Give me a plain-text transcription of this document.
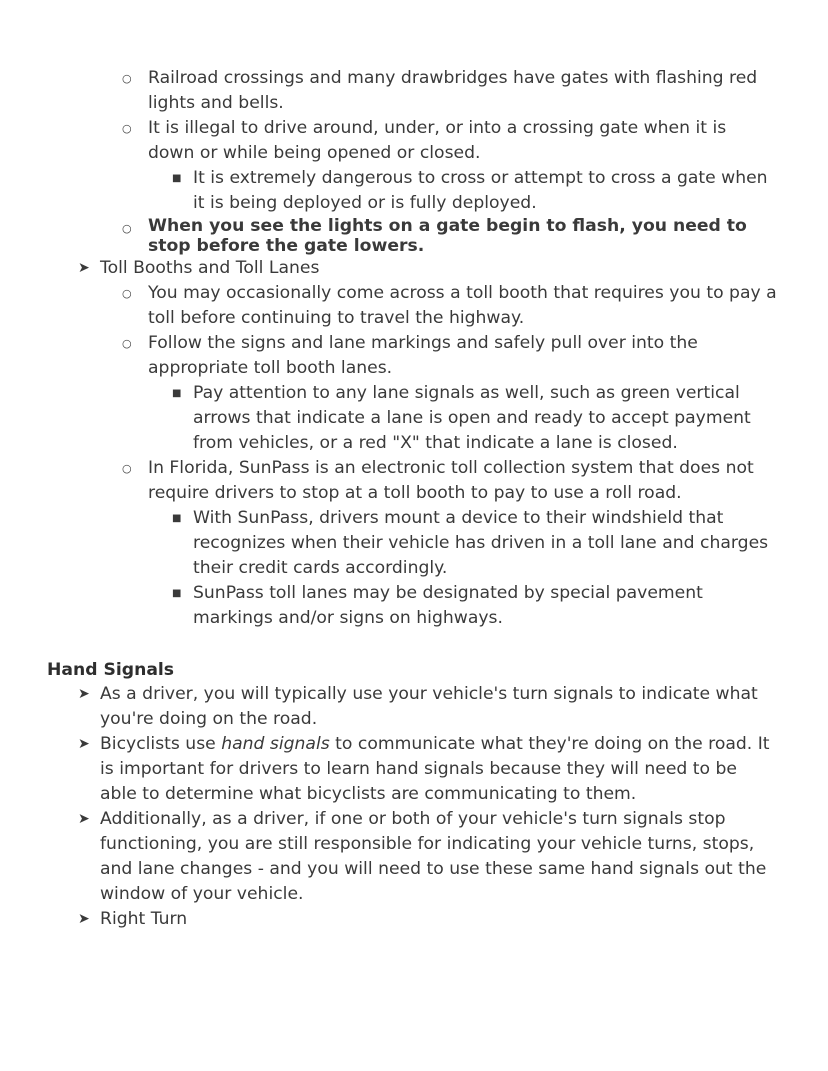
○ Railroad crossings and many drawbridges have gates with flashing red lights and bells.
○ It is illegal to drive around, under, or into a crossing gate when it is down or while being opened or closed.
■ It is extremely dangerous to cross or attempt to cross a gate when it is being deployed or is fully deployed.
○ When you see the lights on a gate begin to flash, you need to stop before the gate lowers.
➤ Toll Booths and Toll Lanes
○ You may occasionally come across a toll booth that requires you to pay a toll before continuing to travel the highway.
○ Follow the signs and lane markings and safely pull over into the appropriate toll booth lanes.
■ Pay attention to any lane signals as well, such as green vertical arrows that indicate a lane is open and ready to accept payment from vehicles, or a red "X" that indicate a lane is closed.
○ In Florida, SunPass is an electronic toll collection system that does not require drivers to stop at a toll booth to pay to use a roll road.
■ With SunPass, drivers mount a device to their windshield that recognizes when their vehicle has driven in a toll lane and charges their credit cards accordingly.
■ SunPass toll lanes may be designated by special pavement markings and/or signs on highways.
Hand Signals
➤ As a driver, you will typically use your vehicle's turn signals to indicate what you're doing on the road.
➤ Bicyclists use hand signals to communicate what they're doing on the road. It is important for drivers to learn hand signals because they will need to be able to determine what bicyclists are communicating to them.
➤ Additionally, as a driver, if one or both of your vehicle's turn signals stop functioning, you are still responsible for indicating your vehicle turns, stops, and lane changes - and you will need to use these same hand signals out the window of your vehicle.
➤ Right Turn
